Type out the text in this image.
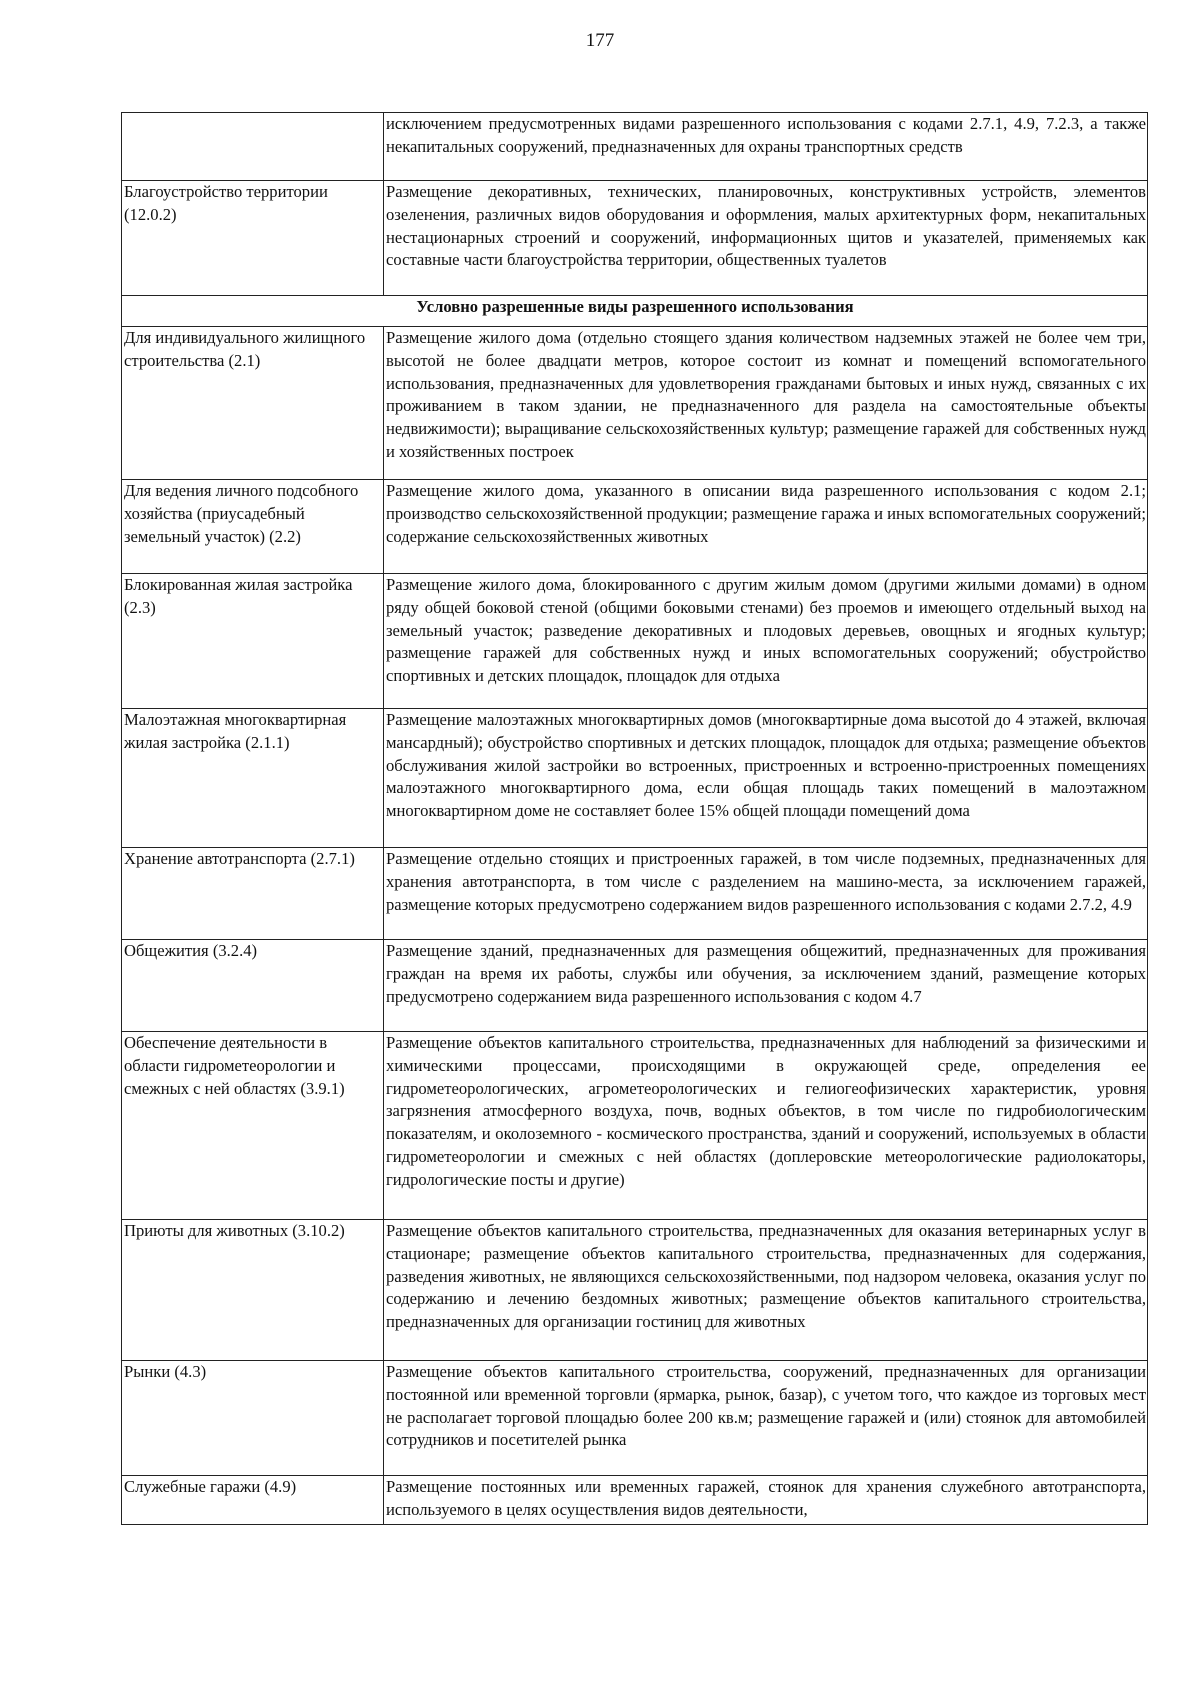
177
	исключением предусмотренных видами разрешенного использования с кодами 2.7.1, 4.9, 7.2.3, а также некапитальных сооружений, предназначенных для охраны транспортных средств
Благоустройство территории (12.0.2)	Размещение декоративных, технических, планировочных, конструктивных устройств, элементов озеленения, различных видов оборудования и оформления, малых архитектурных форм, некапитальных нестационарных строений и сооружений, информационных щитов и указателей, применяемых как составные части благоустройства территории, общественных туалетов
Условно разрешенные виды разрешенного использования	
Для индивидуального жилищного строительства (2.1)	Размещение жилого дома (отдельно стоящего здания количеством надземных этажей не более чем три, высотой не более двадцати метров, которое состоит из комнат и помещений вспомогательного использования, предназначенных для удовлетворения гражданами бытовых и иных нужд, связанных с их проживанием в таком здании, не предназначенного для раздела на самостоятельные объекты недвижимости); выращивание сельскохозяйственных культур; размещение гаражей для собственных нужд и хозяйственных построек
Для ведения личного подсобного хозяйства (приусадебный земельный участок) (2.2)	Размещение жилого дома, указанного в описании вида разрешенного использования с кодом 2.1; производство сельскохозяйственной продукции; размещение гаража и иных вспомогательных сооружений; содержание сельскохозяйственных животных
Блокированная жилая застройка (2.3)	Размещение жилого дома, блокированного с другим жилым домом (другими жилыми домами) в одном ряду общей боковой стеной (общими боковыми стенами) без проемов и имеющего отдельный выход на земельный участок; разведение декоративных и плодовых деревьев, овощных и ягодных культур; размещение гаражей для собственных нужд и иных вспомогательных сооружений; обустройство спортивных и детских площадок, площадок для отдыха
Малоэтажная многоквартирная жилая застройка (2.1.1)	Размещение малоэтажных многоквартирных домов (многоквартирные дома высотой до 4 этажей, включая мансардный); обустройство спортивных и детских площадок, площадок для отдыха; размещение объектов обслуживания жилой застройки во встроенных, пристроенных и встроенно-пристроенных помещениях малоэтажного многоквартирного дома, если общая площадь таких помещений в малоэтажном многоквартирном доме не составляет более 15% общей площади помещений дома
Хранение автотранспорта (2.7.1)	Размещение отдельно стоящих и пристроенных гаражей, в том числе подземных, предназначенных для хранения автотранспорта, в том числе с разделением на машино-места, за исключением гаражей, размещение которых предусмотрено содержанием видов разрешенного использования с кодами 2.7.2, 4.9
Общежития (3.2.4)	Размещение зданий, предназначенных для размещения общежитий, предназначенных для проживания граждан на время их работы, службы или обучения, за исключением зданий, размещение которых предусмотрено содержанием вида разрешенного использования с кодом 4.7
Обеспечение деятельности в области гидрометеорологии и смежных с ней областях (3.9.1)	Размещение объектов капитального строительства, предназначенных для наблюдений за физическими и химическими процессами, происходящими в окружающей среде, определения ее гидрометеорологических, агрометеорологических и гелиогеофизических характеристик, уровня загрязнения атмосферного воздуха, почв, водных объектов, в том числе по гидробиологическим показателям, и околоземного - космического пространства, зданий и сооружений, используемых в области гидрометеорологии и смежных с ней областях (доплеровские метеорологические радиолокаторы, гидрологические посты и другие)
Приюты для животных (3.10.2)	Размещение объектов капитального строительства, предназначенных для оказания ветеринарных услуг в стационаре; размещение объектов капитального строительства, предназначенных для содержания, разведения животных, не являющихся сельскохозяйственными, под надзором человека, оказания услуг по содержанию и лечению бездомных животных; размещение объектов капитального строительства, предназначенных для организации гостиниц для животных
Рынки (4.3)	Размещение объектов капитального строительства, сооружений, предназначенных для организации постоянной или временной торговли (ярмарка, рынок, базар), с учетом того, что каждое из торговых мест не располагает торговой площадью более 200 кв.м; размещение гаражей и (или) стоянок для автомобилей сотрудников и посетителей рынка
Служебные гаражи (4.9)	Размещение постоянных или временных гаражей, стоянок для хранения служебного автотранспорта, используемого в целях осуществления видов деятельности,
